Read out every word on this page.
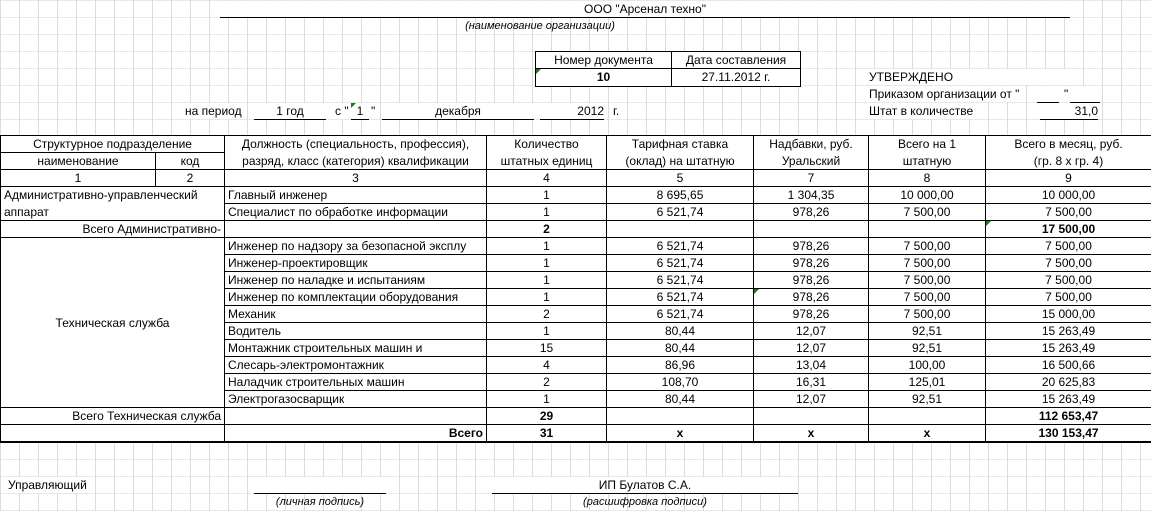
ООО "Арсенал техно"
(наименование организации)
Номер документа	Дата составления
10	27.11.2012 г.	УТВЕРЖДЕНО
Приказом организации от "	"
Штат в количестве	31,0
на период	1 год	с " 1 "	декабря	2012 г.
Структурное подразделение		Должность (специальность, профессия),	Количество	Тарифная ставка	Надбавки, руб.	Всего на 1	Всего в месяц, руб.
наименование	код	разряд, класс (категория) квалификации	штатных единиц	(оклад) на штатную	Уральский	штатную	(гр. 8 х гр. 4)
1	2	3	4	5	7	8	9
Административно-управленческий		Главный инженер	1	8 695,65	1 304,35	10 000,00	10 000,00
аппарат		Специалист по обработке информации	1	6 521,74	978,26	7 500,00	7 500,00
Всего Административно-			2				17 500,00
Техническая служба		Инженер по надзору за безопасной эксплу	1	6 521,74	978,26	7 500,00	7 500,00
		Инженер-проектировщик	1	6 521,74	978,26	7 500,00	7 500,00
		Инженер по наладке и испытаниям	1	6 521,74	978,26	7 500,00	7 500,00
		Инженер по комплектации оборудования	1	6 521,74	978,26	7 500,00	7 500,00
		Механик	2	6 521,74	978,26	7 500,00	15 000,00
		Водитель	1	80,44	12,07	92,51	15 263,49
		Монтажник строительных машин и	15	80,44	12,07	92,51	15 263,49
		Слесарь-электромонтажник	4	86,96	13,04	100,00	16 500,66
		Наладчик строительных машин	2	108,70	16,31	125,01	20 625,83
		Электрогазосварщик	1	80,44	12,07	92,51	15 263,49
Всего Техническая служба			29				112 653,47
		Всего	31	x	x	x	130 153,47
Управляющий	ИП Булатов С.А.
(личная подпись)	(расшифровка подписи)
